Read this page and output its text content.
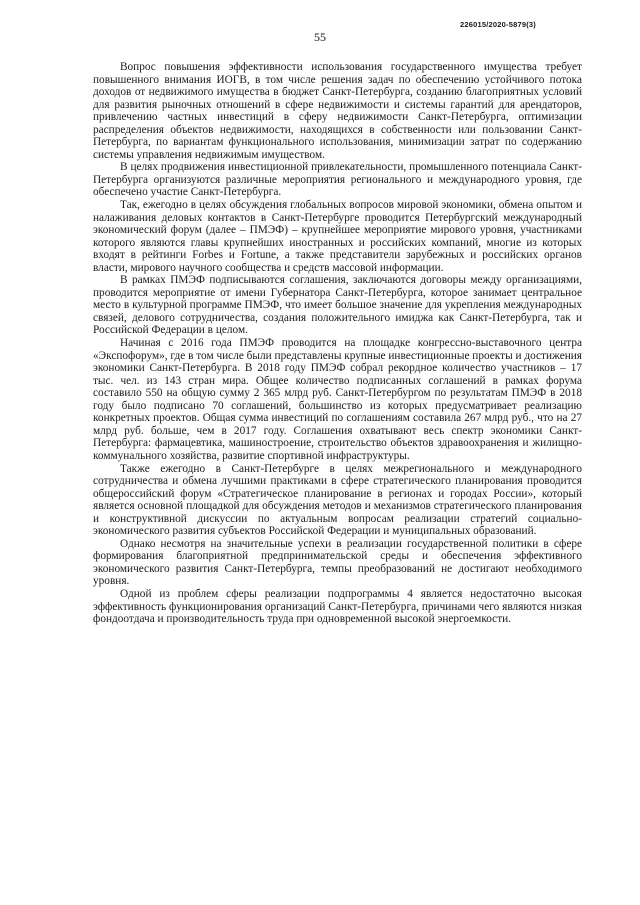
226015/2020-5879(3)
55

Вопрос повышения эффективности использования государственного имущества требует повышенного внимания ИОГВ, в том числе решения задач по обеспечению устойчивого потока доходов от недвижимого имущества в бюджет Санкт-Петербурга, созданию благоприятных условий для развития рыночных отношений в сфере недвижимости и системы гарантий для арендаторов, привлечению частных инвестиций в сферу недвижимости Санкт-Петербурга, оптимизации распределения объектов недвижимости, находящихся в собственности или пользовании Санкт-Петербурга, по вариантам функционального использования, минимизации затрат по содержанию системы управления недвижимым имуществом.

В целях продвижения инвестиционной привлекательности, промышленного потенциала Санкт-Петербурга организуются различные мероприятия регионального и международного уровня, где обеспечено участие Санкт-Петербурга.

Так, ежегодно в целях обсуждения глобальных вопросов мировой экономики, обмена опытом и налаживания деловых контактов в Санкт-Петербурге проводится Петербургский международный экономический форум (далее – ПМЭФ) – крупнейшее мероприятие мирового уровня, участниками которого являются главы крупнейших иностранных и российских компаний, многие из которых входят в рейтинги Forbes и Fortune, а также представители зарубежных и российских органов власти, мирового научного сообщества и средств массовой информации.

В рамках ПМЭФ подписываются соглашения, заключаются договоры между организациями, проводится мероприятие от имени Губернатора Санкт-Петербурга, которое занимает центральное место в культурной программе ПМЭФ, что имеет большое значение для укрепления международных связей, делового сотрудничества, создания положительного имиджа как Санкт-Петербурга, так и Российской Федерации в целом.

Начиная с 2016 года ПМЭФ проводится на площадке конгрессно-выставочного центра «Экспофорум», где в том числе были представлены крупные инвестиционные проекты и достижения экономики Санкт-Петербурга. В 2018 году ПМЭФ собрал рекордное количество участников – 17 тыс. чел. из 143 стран мира. Общее количество подписанных соглашений в рамках форума составило 550 на общую сумму 2 365 млрд руб. Санкт-Петербургом по результатам ПМЭФ в 2018 году было подписано 70 соглашений, большинство из которых предусматривает реализацию конкретных проектов. Общая сумма инвестиций по соглашениям составила 267 млрд руб., что на 27 млрд руб. больше, чем в 2017 году. Соглашения охватывают весь спектр экономики Санкт-Петербурга: фармацевтика, машиностроение, строительство объектов здравоохранения и жилищно-коммунального хозяйства, развитие спортивной инфраструктуры.

Также ежегодно в Санкт-Петербурге в целях межрегионального и международного сотрудничества и обмена лучшими практиками в сфере стратегического планирования проводится общероссийский форум «Стратегическое планирование в регионах и городах России», который является основной площадкой для обсуждения методов и механизмов стратегического планирования и конструктивной дискуссии по актуальным вопросам реализации стратегий социально-экономического развития субъектов Российской Федерации и муниципальных образований.

Однако несмотря на значительные успехи в реализации государственной политики в сфере формирования благоприятной предпринимательской среды и обеспечения эффективного экономического развития Санкт-Петербурга, темпы преобразований не достигают необходимого уровня.

Одной из проблем сферы реализации подпрограммы 4 является недостаточно высокая эффективность функционирования организаций Санкт-Петербурга, причинами чего являются низкая фондоотдача и производительность труда при одновременной высокой энергоемкости.
